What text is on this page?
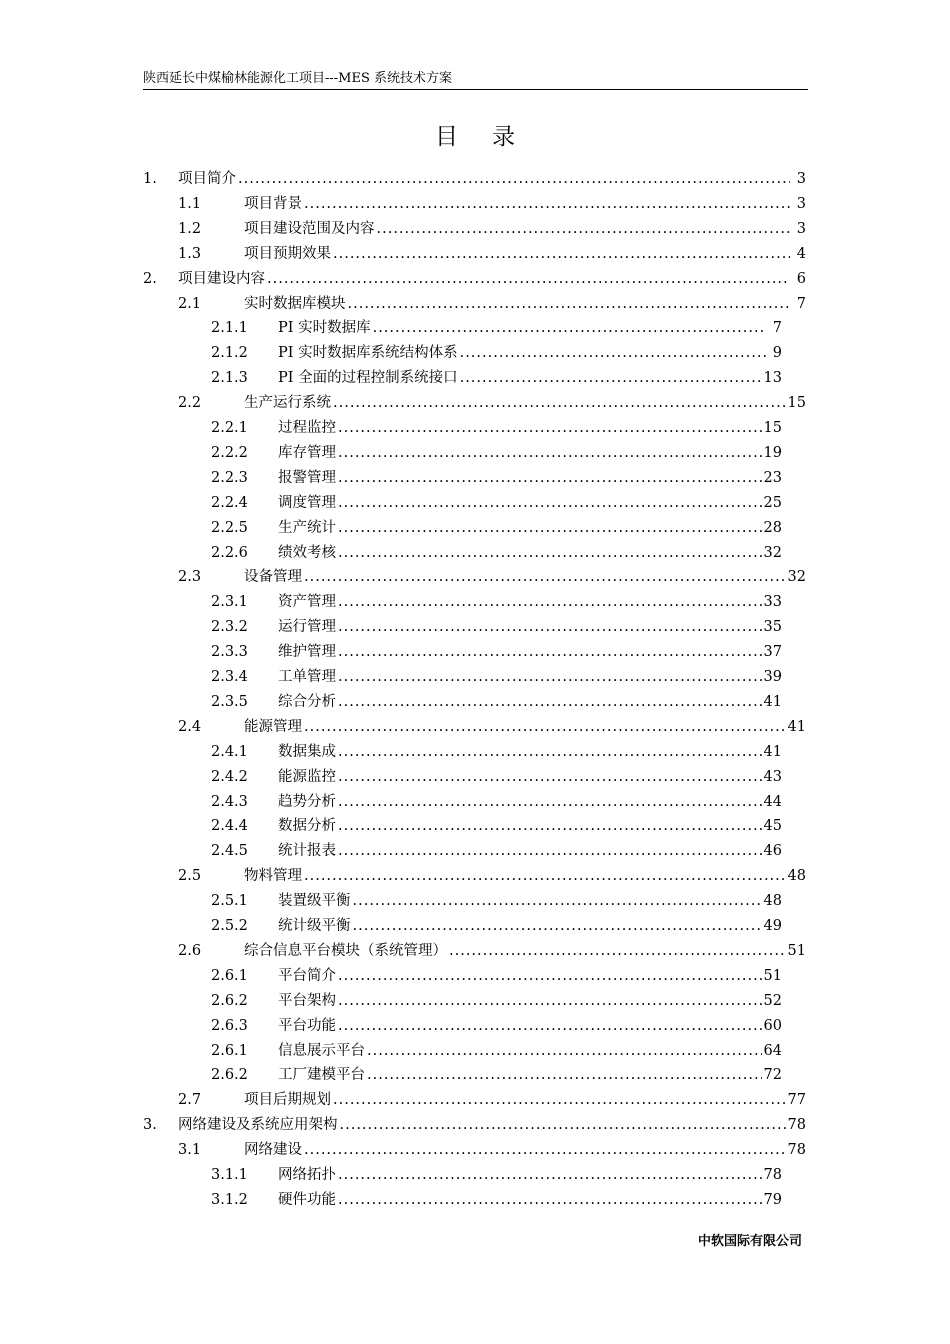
陕西延长中煤榆林能源化工项目---MES 系统技术方案
目 录
1. 项目简介 .....	3
1.1	项目背景 .....	3
1.2	项目建设范围及内容 .....	3
1.3	项目预期效果 .....	4
2. 项目建设内容 .....	6
2.1	实时数据库模块 .....	7
2.1.1 PI 实时数据库 .....	7
2.1.2 PI 实时数据库系统结构体系 .....	9
2.1.3 PI 全面的过程控制系统接口 .....	13
2.2	生产运行系统 .....	15
2.2.1 过程监控 .....	15
2.2.2 库存管理 .....	19
2.2.3 报警管理 .....	23
2.2.4 调度管理 .....	25
2.2.5 生产统计 .....	28
2.2.6 绩效考核 .....	32
2.3	设备管理 .....	32
2.3.1 资产管理 .....	33
2.3.2 运行管理 .....	35
2.3.3 维护管理 .....	37
2.3.4 工单管理 .....	39
2.3.5 综合分析 .....	41
2.4	能源管理 .....	41
2.4.1 数据集成 .....	41
2.4.2 能源监控 .....	43
2.4.3 趋势分析 .....	44
2.4.4 数据分析 .....	45
2.4.5 统计报表 .....	46
2.5	物料管理 .....	48
2.5.1 装置级平衡 .....	48
2.5.2 统计级平衡 .....	49
2.6	综合信息平台模块（系统管理） .....	51
2.6.1 平台简介 .....	51
2.6.2 平台架构 .....	52
2.6.3 平台功能 .....	60
2.6.1 信息展示平台 .....	64
2.6.2 工厂建模平台 .....	72
2.7	项目后期规划 .....	77
3. 网络建设及系统应用架构 .....	78
3.1	网络建设 .....	78
3.1.1 网络拓扑 .....	78
3.1.2 硬件功能 .....	79
中软国际有限公司
